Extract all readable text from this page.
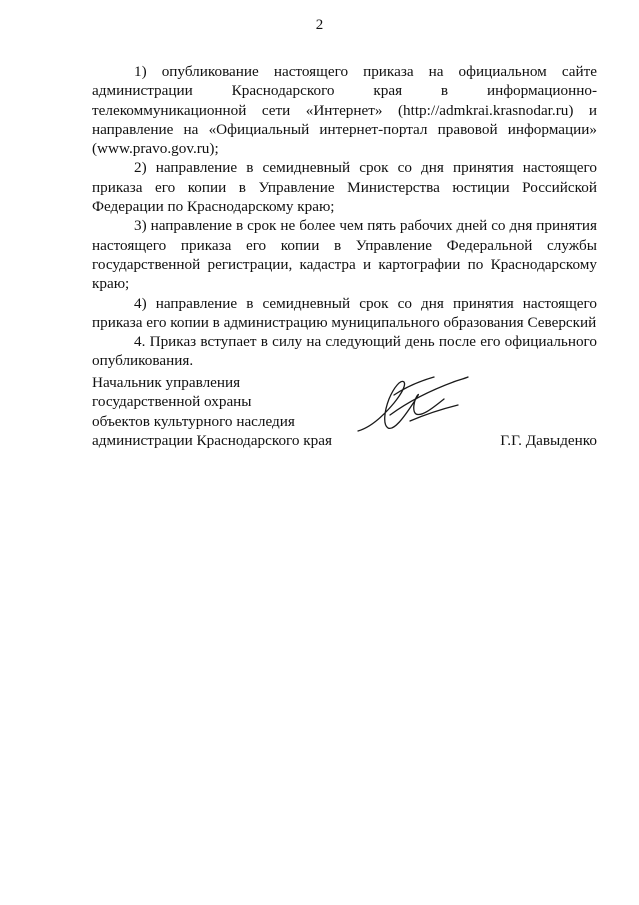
2

1) опубликование настоящего приказа на официальном сайте администрации Краснодарского края в информационно-телекоммуникационной сети «Интернет» (http://admkrai.krasnodar.ru) и направление на «Официальный интернет-портал правовой информации» (www.pravo.gov.ru);

2) направление в семидневный срок со дня принятия настоящего приказа его копии в Управление Министерства юстиции Российской Федерации по Краснодарскому краю;

3) направление в срок не более чем пять рабочих дней со дня принятия настоящего приказа его копии в Управление Федеральной службы государственной регистрации, кадастра и картографии по Краснодарскому краю;

4) направление в семидневный срок со дня принятия настоящего приказа его копии в администрацию муниципального образования Северский

4. Приказ вступает в силу на следующий день после его официального опубликования.

Начальник управления
государственной охраны
объектов культурного наследия
администрации Краснодарского края	Г.Г. Давыденко
